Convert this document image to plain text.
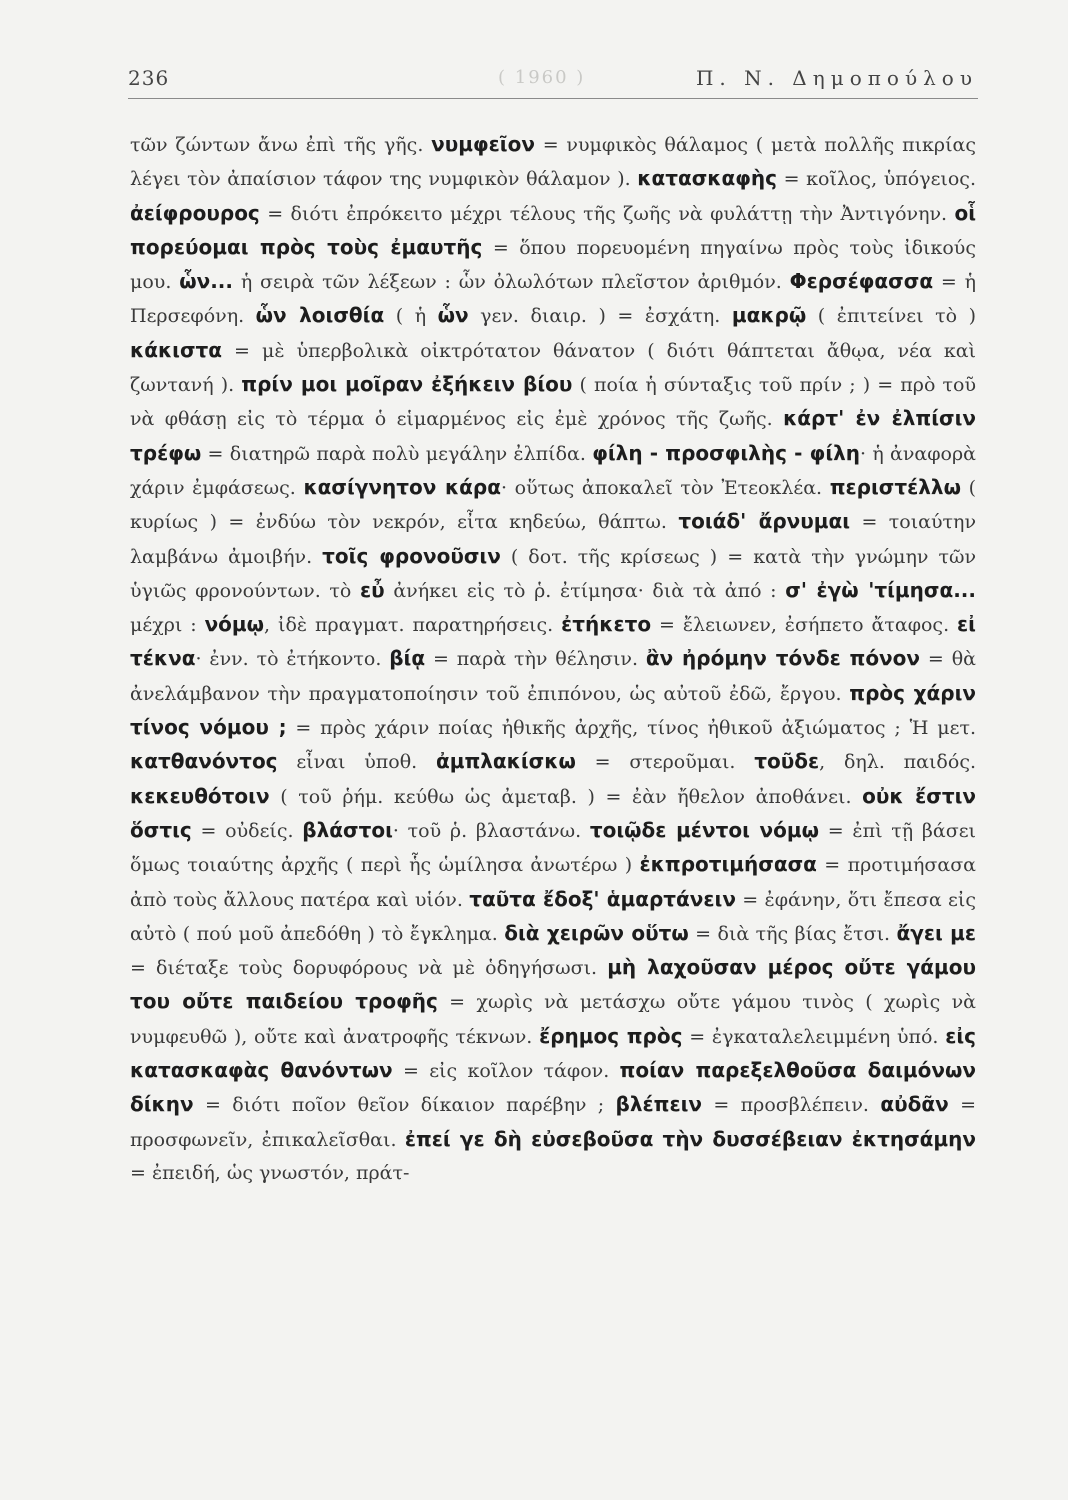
236	( 1960 )	Π. Ν. Δημοπούλου

τῶν ζώντων ἄνω ἐπὶ τῆς γῆς. νυμφεῖον = νυμφικὸς θάλαμος ( μετὰ πολλῆς πικρίας λέγει τὸν ἀπαίσιον τάφον της νυμφικὸν θάλαμον ). κατασκαφὴς = κοῖλος, ὑπόγειος. ἀείφρουρος = διότι ἐπρόκειτο μέχρι τέλους τῆς ζωῆς νὰ φυλάττῃ τὴν Ἀντιγόνην. οἷ πορεύομαι πρὸς τοὺς ἐμαυτῆς = ὅπου πορευομένη πηγαίνω πρὸς τοὺς ἰδικούς μου. ὧν... ἡ σειρὰ τῶν λέξεων : ὧν ὀλωλότων πλεῖστον ἀριθμόν. Φερσέφασσα = ἡ Περσεφόνη. ὧν λοισθία ( ἡ ὧν γεν. διαιρ. ) = ἐσχάτη. μακρῷ ( ἐπιτείνει τὸ ) κάκιστα = μὲ ὑπερβολικὰ οἰκτρότατον θάνατον ( διότι θάπτεται ἄθῳα, νέα καὶ ζωντανή ). πρίν μοι μοῖραν ἐξήκειν βίου ( ποία ἡ σύνταξις τοῦ πρίν ; ) = πρὸ τοῦ νὰ φθάσῃ εἰς τὸ τέρμα ὁ εἱμαρμένος εἰς ἐμὲ χρόνος τῆς ζωῆς. κάρτ' ἐν ἐλπίσιν τρέφω = διατηρῶ παρὰ πολὺ μεγάλην ἐλπίδα. φίλη - προσφιλὴς - φίλη· ἡ ἀναφορὰ χάριν ἐμφάσεως. κασίγνητον κάρα· οὕτως ἀποκαλεῖ τὸν Ἐτεοκλέα. περιστέλλω ( κυρίως ) = ἐνδύω τὸν νεκρόν, εἶτα κηδεύω, θάπτω. τοιάδ' ἄρνυμαι = τοιαύτην λαμβάνω ἀμοιβήν. τοῖς φρονοῦσιν ( δοτ. τῆς κρίσεως ) = κατὰ τὴν γνώμην τῶν ὑγιῶς φρονούντων. τὸ εὖ ἀνήκει εἰς τὸ ῥ. ἐτίμησα· διὰ τὰ ἀπό : σ' ἐγὼ 'τίμησα... μέχρι : νόμῳ, ἰδὲ πραγματ. παρατηρήσεις. ἐτήκετο = ἔλειωνεν, ἐσήπετο ἄταφος. εἰ τέκνα· ἐνν. τὸ ἐτήκοντο. βίᾳ = παρὰ τὴν θέλησιν. ἂν ἠρόμην τόνδε πόνον = θὰ ἀνελάμβανον τὴν πραγματοποίησιν τοῦ ἐπιπόνου, ὡς αὐτοῦ ἐδῶ, ἔργου. πρὸς χάριν τίνος νόμου ; = πρὸς χάριν ποίας ἠθικῆς ἀρχῆς, τίνος ἠθικοῦ ἀξιώματος ; Ἡ μετ. κατθανόντος εἶναι ὑποθ. ἀμπλακίσκω = στεροῦμαι. τοῦδε, δηλ. παιδός. κεκευθότοιν ( τοῦ ῥήμ. κεύθω ὡς ἀμεταβ. ) = ἐὰν ἤθελον ἀποθάνει. οὐκ ἔστιν ὅστις = οὐδείς. βλάστοι· τοῦ ῥ. βλαστάνω. τοιῷδε μέντοι νόμῳ = ἐπὶ τῇ βάσει ὅμως τοιαύτης ἀρχῆς ( περὶ ἧς ὡμίλησα ἀνωτέρω ) ἐκπροτιμήσασα = προτιμήσασα ἀπὸ τοὺς ἄλλους πατέρα καὶ υἱόν. ταῦτα ἔδοξ' ἁμαρτάνειν = ἐφάνην, ὅτι ἔπεσα εἰς αὐτὸ ( πού μοῦ ἀπεδόθη ) τὸ ἔγκλημα. διὰ χειρῶν οὕτω = διὰ τῆς βίας ἔτσι. ἄγει με = διέταξε τοὺς δορυφόρους νὰ μὲ ὁδηγήσωσι. μὴ λαχοῦσαν μέρος οὔτε γάμου του οὔτε παιδείου τροφῆς = χωρὶς νὰ μετάσχω οὔτε γάμου τινὸς ( χωρὶς νὰ νυμφευθῶ ), οὔτε καὶ ἀνατροφῆς τέκνων. ἔρημος πρὸς = ἐγκαταλελειμμένη ὑπό. εἰς κατασκαφὰς θανόντων = εἰς κοῖλον τάφον. ποίαν παρεξελθοῦσα δαιμόνων δίκην = διότι ποῖον θεῖον δίκαιον παρέβην ; βλέπειν = προσβλέπειν. αὐδᾶν = προσφωνεῖν, ἐπικαλεῖσθαι. ἐπεί γε δὴ εὐσεβοῦσα τὴν δυσσέβειαν ἐκτησάμην = ἐπειδή, ὡς γνωστόν, πράτ-
